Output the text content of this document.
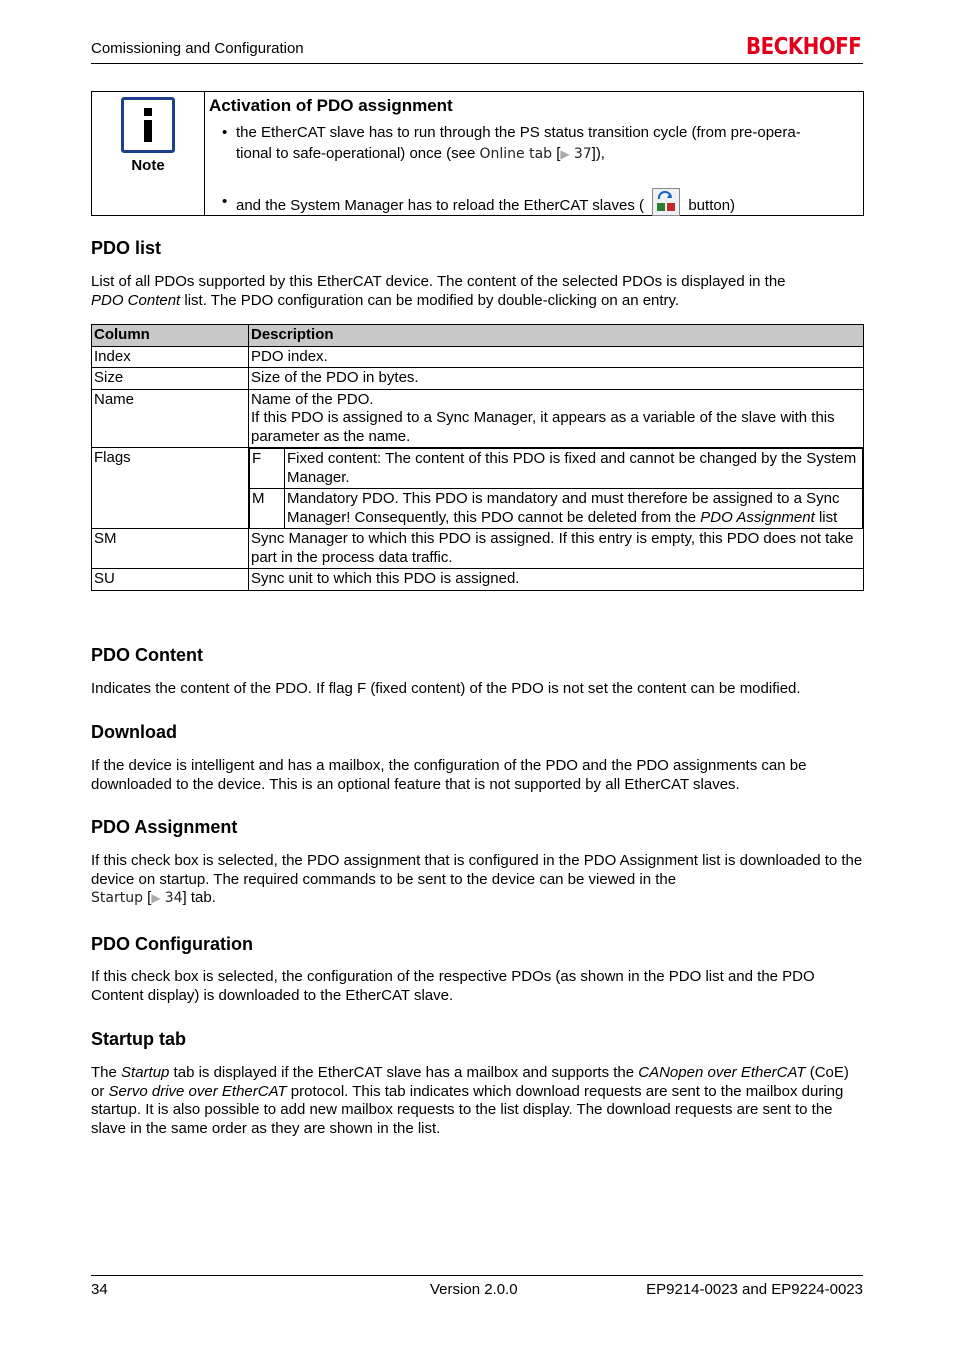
Comissioning and Configuration	BECKHOFF
Note
Activation of PDO assignment
• the EtherCAT slave has to run through the PS status transition cycle (from pre-opera-
tional to safe-operational) once (see Online tab [▶ 37]),
• and the System Manager has to reload the EtherCAT slaves (	button)
PDO list

List of all PDOs supported by this EtherCAT device. The content of the selected PDOs is displayed in the
PDO Content list. The PDO configuration can be modified by double-clicking on an entry.

Column	Description
Index	PDO index.
Size	Size of the PDO in bytes.
Name	Name of the PDO.
If this PDO is assigned to a Sync Manager, it appears as a variable of the slave with this parameter as the name.
Flags		F	Fixed content: The content of this PDO is fixed and cannot be changed by the System Manager.
M	Mandatory PDO. This PDO is mandatory and must therefore be assigned to a Sync Manager! Consequently, this PDO cannot be deleted from the PDO Assignment list

SM	Sync Manager to which this PDO is assigned. If this entry is empty, this PDO does not take part in the process data traffic.
SU	Sync unit to which this PDO is assigned.
PDO Content

Indicates the content of the PDO. If flag F (fixed content) of the PDO is not set the content can be modified.

Download

If the device is intelligent and has a mailbox, the configuration of the PDO and the PDO assignments can be downloaded to the device. This is an optional feature that is not supported by all EtherCAT slaves.

PDO Assignment

If this check box is selected, the PDO assignment that is configured in the PDO Assignment list is downloaded to the device on startup. The required commands to be sent to the device can be viewed in the
Startup [▶ 34] tab.

PDO Configuration

If this check box is selected, the configuration of the respective PDOs (as shown in the PDO list and the PDO Content display) is downloaded to the EtherCAT slave.

Startup tab

The Startup tab is displayed if the EtherCAT slave has a mailbox and supports the CANopen over EtherCAT (CoE) or Servo drive over EtherCAT protocol. This tab indicates which download requests are sent to the mailbox during startup. It is also possible to add new mailbox requests to the list display. The download requests are sent to the slave in the same order as they are shown in the list.

34	Version 2.0.0	EP9214-0023 and EP9224-0023
